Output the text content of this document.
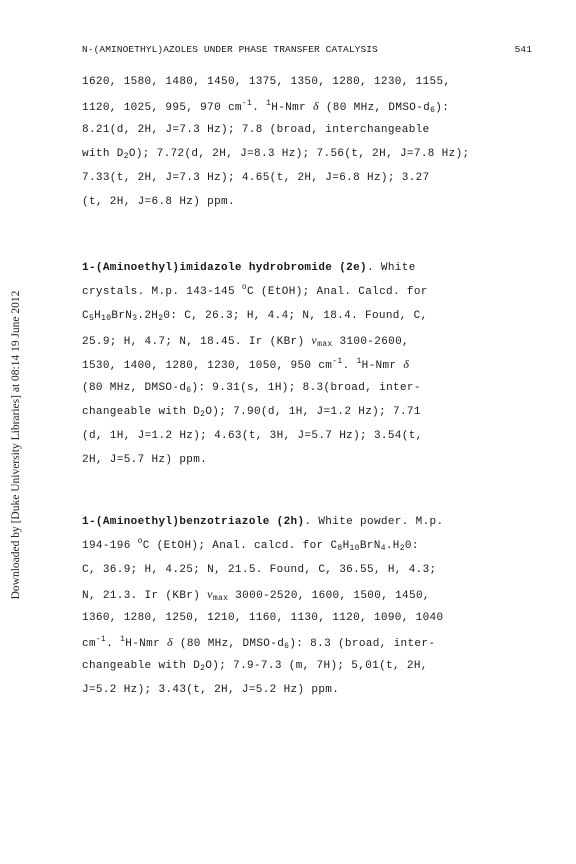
N-(AMINOETHYL)AZOLES UNDER PHASE TRANSFER CATALYSIS	541
Downloaded by [Duke University Libraries] at 08:14 19 June 2012
1620, 1580, 1480, 1450, 1375, 1350, 1280, 1230, 1155,
1120, 1025, 995, 970 $cm^{-1}$. $^1$H-Nmr δ (80 MHz, DMSO-$d_6$):
8.21(d, 2H, J=7.3 Hz); 7.8 (broad, interchangeable
with $D_2O$); 7.72(d, 2H, J=8.3 Hz); 7.56(t, 2H, J=7.8 Hz);
7.33(t, 2H, J=7.3 Hz); 4.65(t, 2H, J=6.8 Hz); 3.27
(t, 2H, J=6.8 Hz) ppm.
1-(Aminoethyl)imidazole hydrobromide (2e). White
crystals. M.p. 143-145 $^o$C (EtOH); Anal. Calcd. for
$C_5H_{10}BrN_3.2H_20$: C, 26.3; H, 4.4; N, 18.4. Found, C,
25.9; H, 4.7; N, 18.45. Ir (KBr) $\nu_{max}$ 3100-2600,
1530, 1400, 1280, 1230, 1050, 950 $cm^{-1}$. $^1$H-Nmr δ
(80 MHz, DMSO-$d_6$): 9.31(s, 1H); 8.3(broad, inter-
changeable with $D_2O$); 7.90(d, 1H, J=1.2 Hz); 7.71
(d, 1H, J=1.2 Hz); 4.63(t, 3H, J=5.7 Hz); 3.54(t,
2H, J=5.7 Hz) ppm.
1-(Aminoethyl)benzotriazole (2h). White powder. M.p.
194-196 $^o$C (EtOH); Anal. calcd. for $C_8H_{10}BrN_4.H_20$:
C, 36.9; H, 4.25; N, 21.5. Found, C, 36.55, H, 4.3;
N, 21.3. Ir (KBr) $\nu_{max}$ 3000-2520, 1600, 1500, 1450,
1360, 1280, 1250, 1210, 1160, 1130, 1120, 1090, 1040
$cm^{-1}$. $^1$H-Nmr δ (80 MHz, DMSO-$d_6$): 8.3 (broad, inter-
changeable with $D_2O$); 7.9-7.3 (m, 7H); 5,01(t, 2H,
J=5.2 Hz); 3.43(t, 2H, J=5.2 Hz) ppm.
